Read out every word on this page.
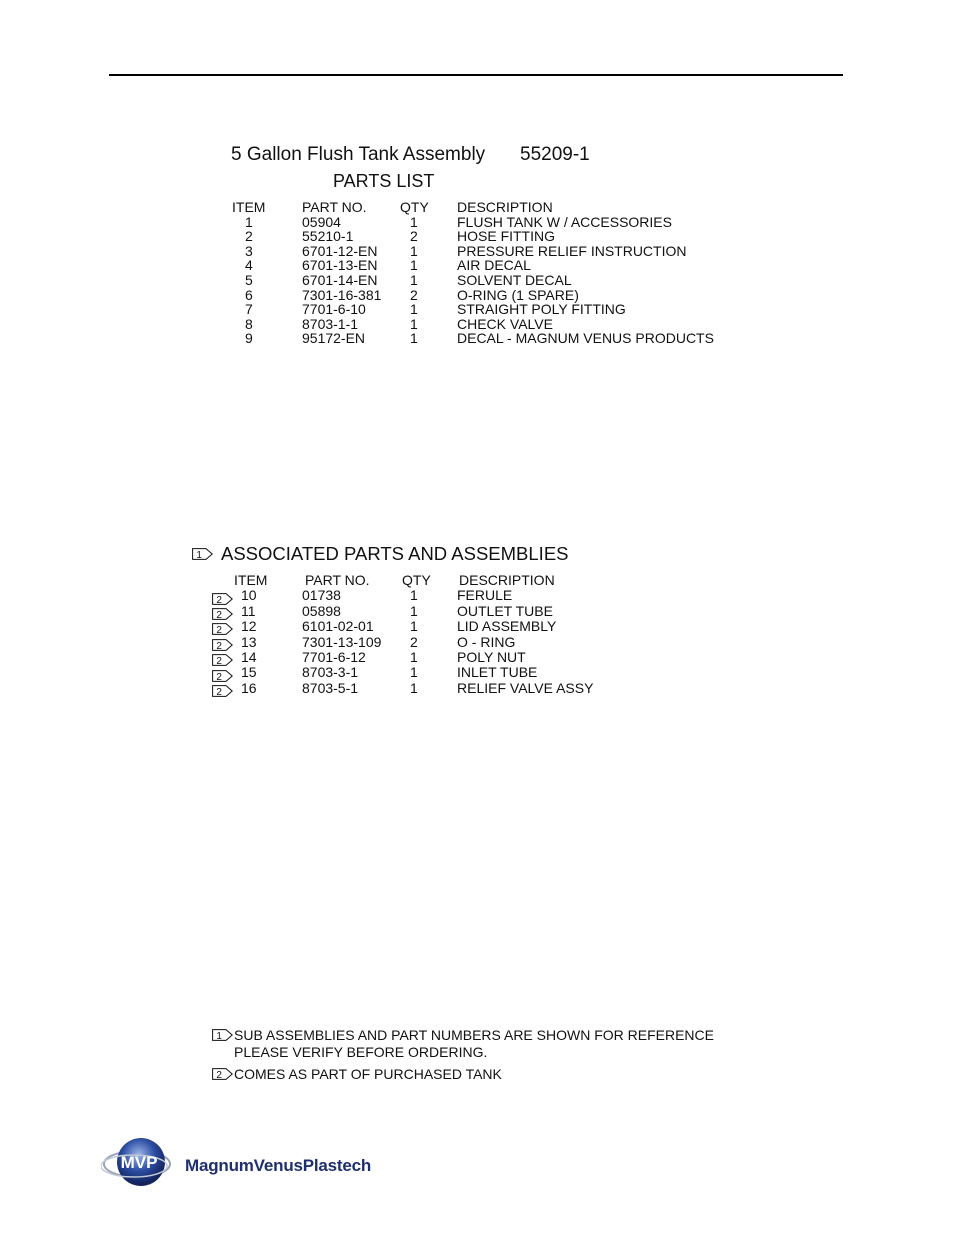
5 Gallon Flush Tank Assembly 55209-1
PARTS LIST
ITEM	PART NO. QTY DESCRIPTION
1	05904	1	FLUSH TANK W / ACCESSORIES
2	55210-1	2	HOSE FITTING
3	6701-12-EN 1	PRESSURE RELIEF INSTRUCTION
4	6701-13-EN 1	AIR DECAL
5	6701-14-EN 1	SOLVENT DECAL
6	7301-16-381 2	O-RING (1 SPARE)
7	7701-6-10	1	STRAIGHT POLY FITTING
8	8703-1-1	1	CHECK VALVE
9	95172-EN	1	DECAL - MAGNUM VENUS PRODUCTS
1 ASSOCIATED PARTS AND ASSEMBLIES
ITEM	PART NO. QTY DESCRIPTION
2 10	01738	1	FERULE
2 11	05898	1	OUTLET TUBE
2 12	6101-02-01	1	LID ASSEMBLY
2 13	7301-13-109 2	O - RING
2 14	7701-6-12	1	POLY NUT
2 15	8703-3-1	1	INLET TUBE
2 16	8703-5-1	1	RELIEF VALVE ASSY
1 SUB ASSEMBLIES AND PART NUMBERS ARE SHOWN FOR REFERENCE
PLEASE VERIFY BEFORE ORDERING.
2 COMES AS PART OF PURCHASED TANK
MVP MagnumVenusPlastech
